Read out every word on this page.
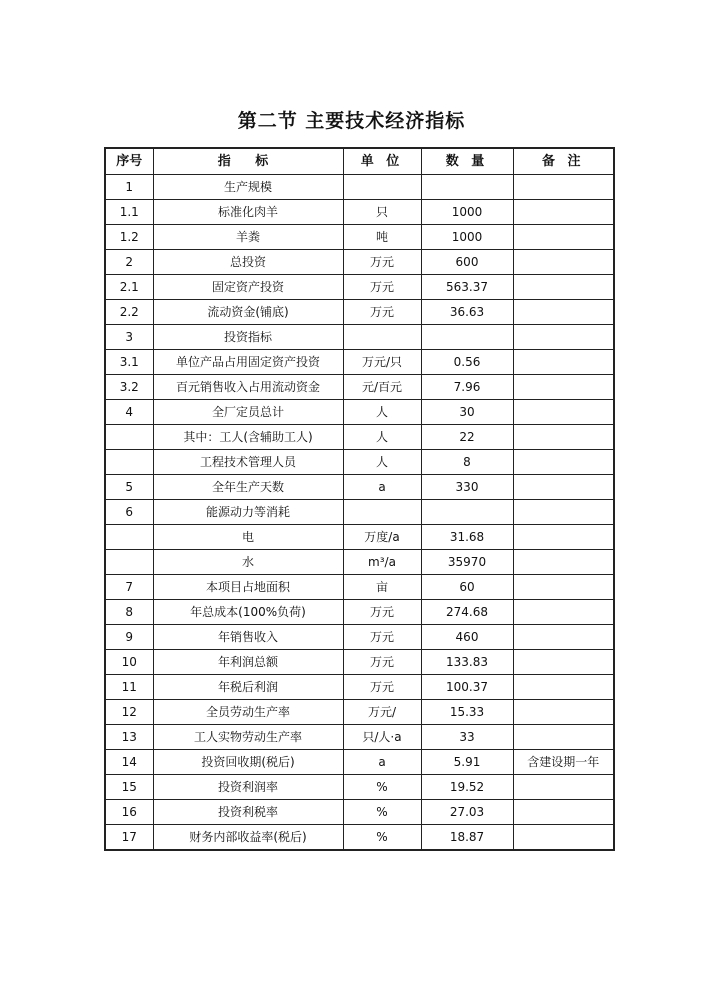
第二节 主要技术经济指标
序号	指 标	单 位	数 量	备 注
1	生产规模			
1.1	标准化肉羊	只	1000	
1.2	羊粪	吨	1000	
2	总投资	万元	600	
2.1	固定资产投资	万元	563.37	
2.2	流动资金(铺底)	万元	36.63	
3	投资指标			
3.1	单位产品占用固定资产投资	万元/只	0.56	
3.2	百元销售收入占用流动资金	元/百元	7.96	
4	全厂定员总计	人	30	
	其中：工人(含辅助工人)	人	22	
	工程技术管理人员	人	8	
5	全年生产天数	a	330	
6	能源动力等消耗			
	电	万度/a	31.68	
	水	m³/a	35970	
7	本项目占地面积	亩	60	
8	年总成本(100%负荷)	万元	274.68	
9	年销售收入	万元	460	
10	年利润总额	万元	133.83	
11	年税后利润	万元	100.37	
12	全员劳动生产率	万元/	15.33	
13	工人实物劳动生产率	只/人·a	33	
14	投资回收期(税后)	a	5.91	含建设期一年
15	投资利润率	%	19.52	
16	投资利税率	%	27.03	
17	财务内部收益率(税后)	%	18.87	
